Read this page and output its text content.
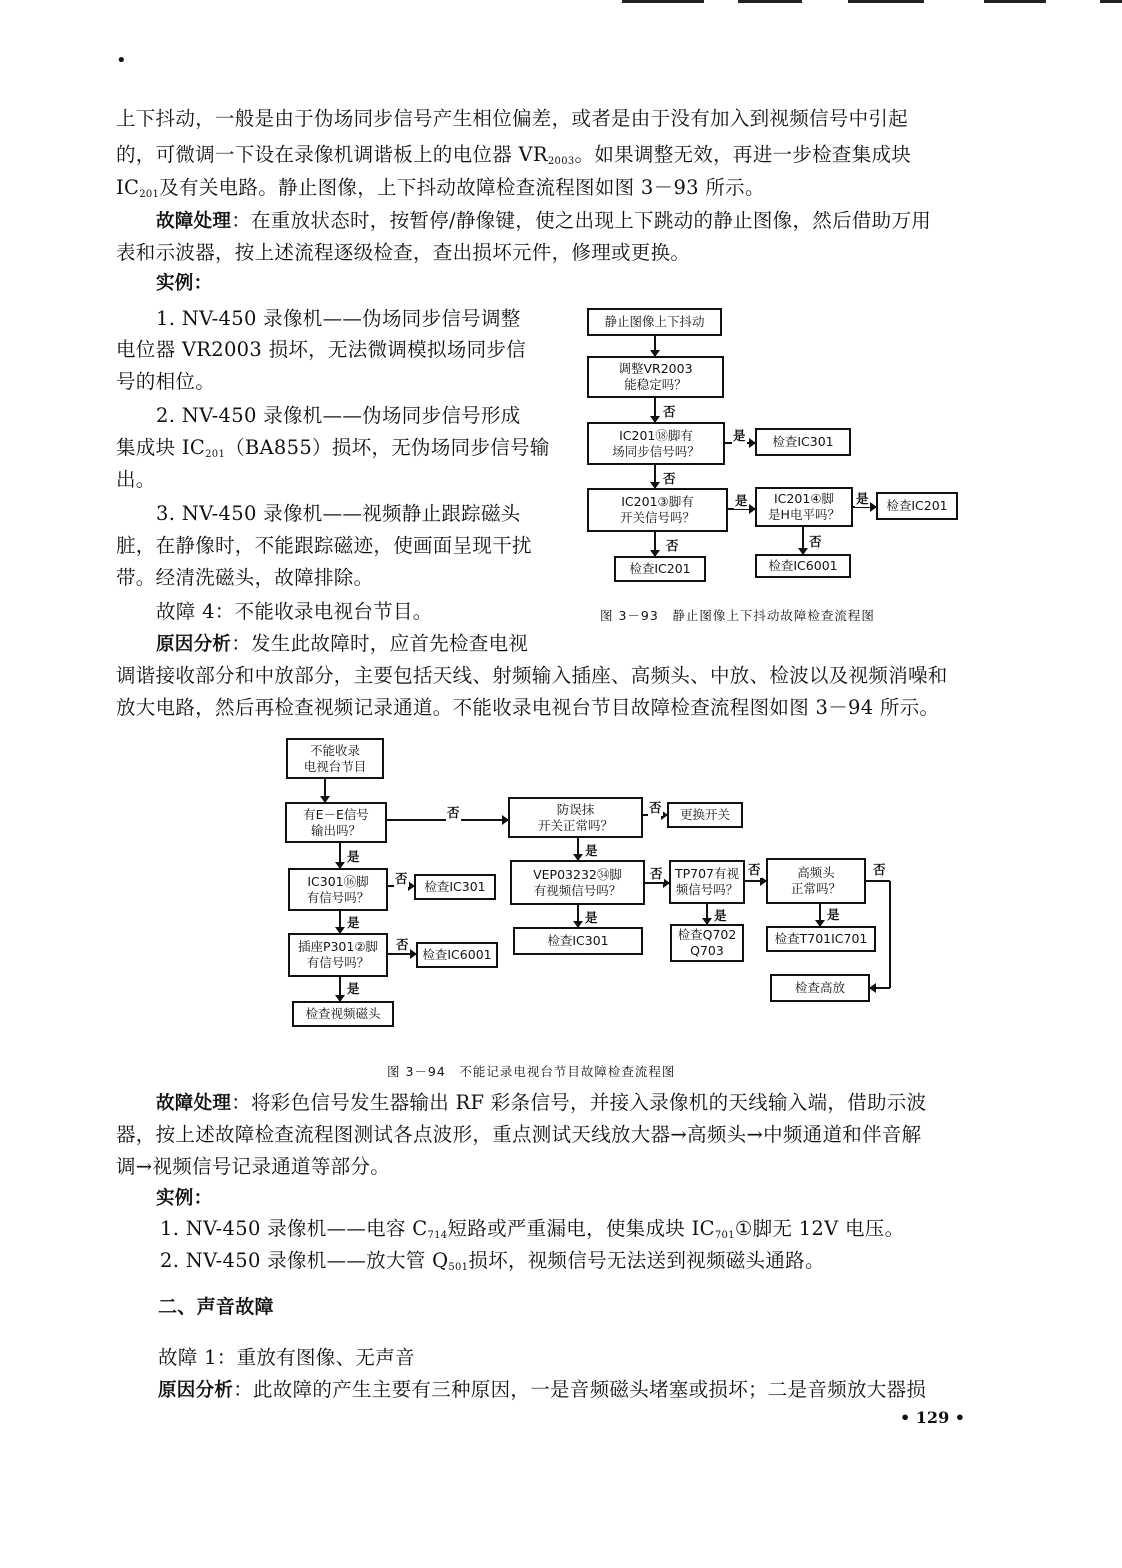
•

上下抖动，一般是由于伪场同步信号产生相位偏差，或者是由于没有加入到视频信号中引起

的，可微调一下设在录像机调谐板上的电位器 $VR_{2003}$。如果调整无效，再进一步检查集成块

$IC_{201}$及有关电路。静止图像，上下抖动故障检查流程图如图 3－93 所示。

故障处理：在重放状态时，按暂停/静像键，使之出现上下跳动的静止图像，然后借助万用

表和示波器，按上述流程逐级检查，查出损坏元件，修理或更换。

实例：

1. NV-450 录像机——伪场同步信号调整

电位器 VR2003 损坏，无法微调模拟场同步信

号的相位。

2. NV-450 录像机——伪场同步信号形成

集成块 $IC_{201}(BA855)$损坏，无伪场同步信号输

出。

3. NV-450 录像机——视频静止跟踪磁头

脏，在静像时，不能跟踪磁迹，使画面呈现干扰

带。经清洗磁头，故障排除。

故障 4：不能收录电视台节目。

原因分析：发生此故障时，应首先检查电视

调谐接收部分和中放部分，主要包括天线、射频输入插座、高频头、中放、检波以及视频消噪和

放大电路，然后再检查视频记录通道。不能收录电视台节目故障检查流程图如图 3－94 所示。

静止图像上下抖动
调整VR2003
能稳定吗？
IC201⑱脚有
场同步信号吗？
检查IC301
IC201③脚有
开关信号吗？
IC201④脚
是H电平吗？
检查IC201
检查IC201	检查IC6001
否
是
否
是	是
否	否
图 3－93　静止图像上下抖动故障检查流程图
不能收录
电视台节目
有E－E信号
输出吗？
防误抹
开关正常吗？
更换开关
IC301⑯脚
有信号吗？
检查IC301
VEP03232㉞脚
有视频信号吗？
TP707有视
频信号吗？
高频头
正常吗？
插座P301②脚
有信号吗？
检查IC6001
检查IC301	检查Q702
Q703
检查T701IC701
检查高放
检查视频磁头
否	否
是
是
否
是
否
是
否
是
否
是
否
是
图 3－94　不能记录电视台节目故障检查流程图

故障处理：将彩色信号发生器输出 RF 彩条信号，并接入录像机的天线输入端，借助示波

器，按上述故障检查流程图测试各点波形，重点测试天线放大器→高频头→中频通道和伴音解

调→视频信号记录通道等部分。

实例：

1. NV-450 录像机——电容 $C_{714}$短路或严重漏电，使集成块 $IC_{701}①$脚无 12V 电压。

2. NV-450 录像机——放大管 $Q_{501}$损坏，视频信号无法送到视频磁头通路。

二、声音故障

故障 1：重放有图像、无声音

原因分析：此故障的产生主要有三种原因，一是音频磁头堵塞或损坏；二是音频放大器损

• 129 •
